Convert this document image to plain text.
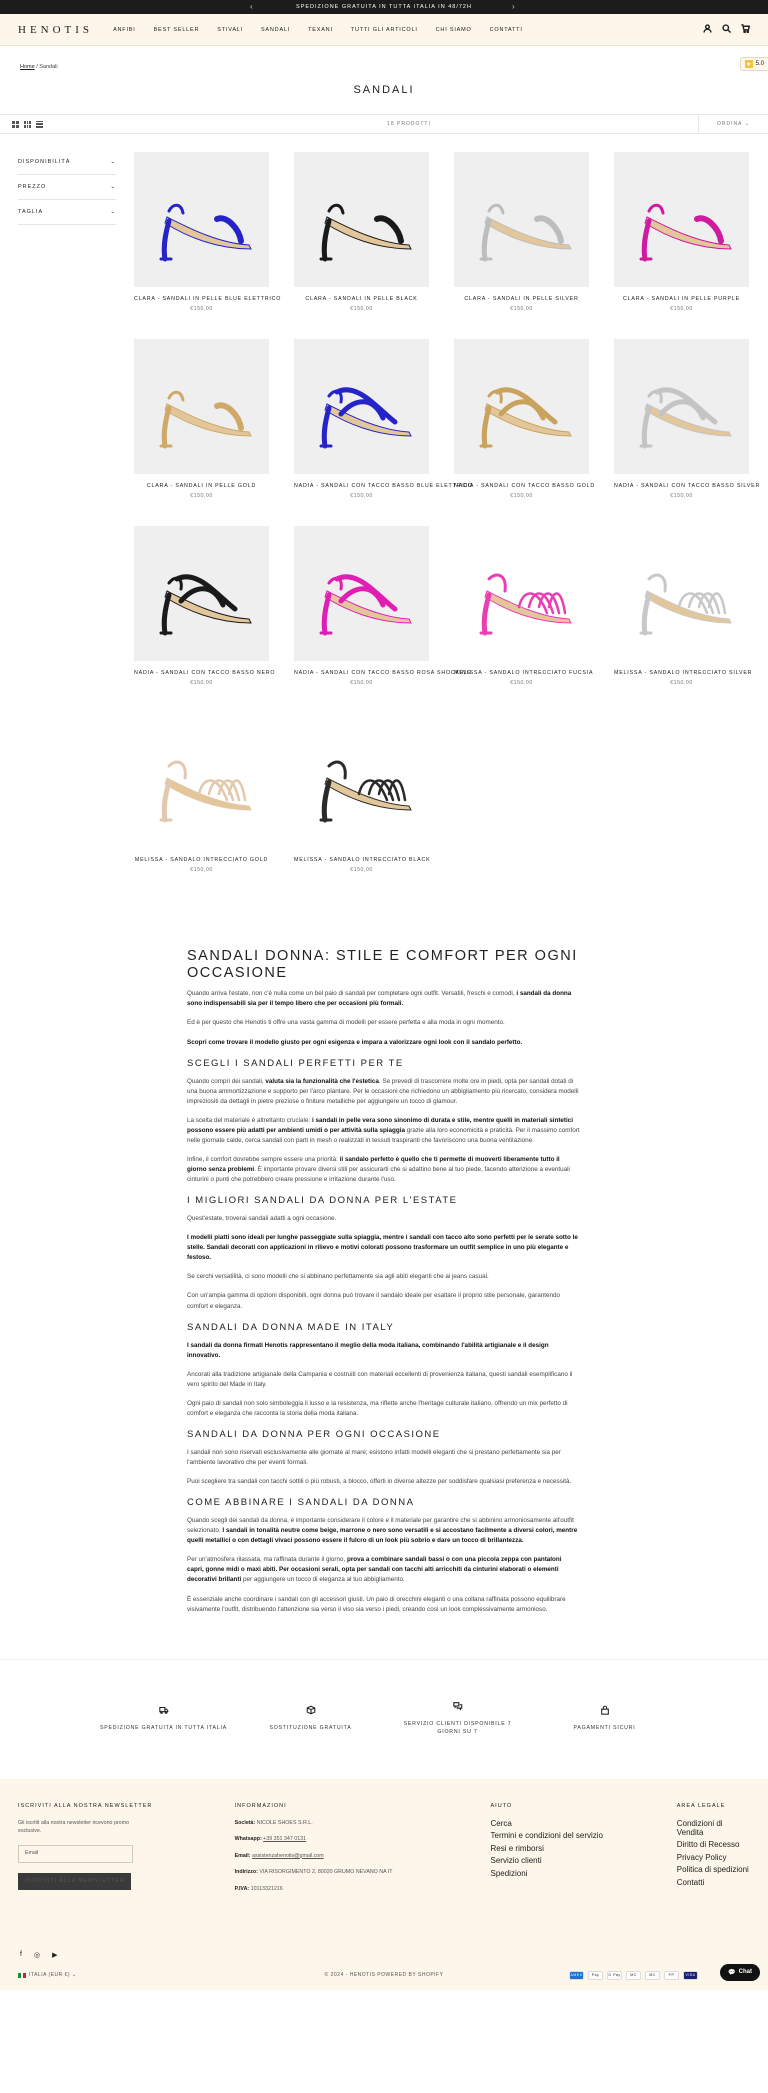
‹	SPEDIZIONE GRATUITA IN TUTTA ITALIA IN 48/72H	›
HENOTIS	ANFIBI	BEST SELLER	STIVALI	SANDALI	TEXANI	TUTTI GLI ARTICOLI	CHI SIAMO	CONTATTI
★ 5.0
Home / Sandali
SANDALI
18 PRODOTTI	ORDINA ⌄
DISPONIBILITÀ	⌄
PREZZO	⌄
TAGLIA	⌄
CLARA - SANDALI IN PELLE BLUE ELETTRICO
€150,00
CLARA - SANDALI IN PELLE BLACK
€150,00
CLARA - SANDALI IN PELLE SILVER
€150,00
CLARA - SANDALI IN PELLE PURPLE
€150,00
CLARA - SANDALI IN PELLE GOLD
€150,00
NADIA - SANDALI CON TACCO BASSO BLUE ELETTRICO
€150,00
NADIA - SANDALI CON TACCO BASSO GOLD
€150,00
NADIA - SANDALI CON TACCO BASSO SILVER
€150,00
NADIA - SANDALI CON TACCO BASSO NERO
€150,00
NADIA - SANDALI CON TACCO BASSO ROSA SHOCKING
€150,00
MELISSA - SANDALO INTRECCIATO FUCSIA
€150,00
MELISSA - SANDALO INTRECCIATO SILVER
€150,00
MELISSA - SANDALO INTRECCIATO GOLD
€150,00
MELISSA - SANDALO INTRECCIATO BLACK
€150,00
SANDALI DONNA: STILE E COMFORT PER OGNI OCCASIONE

Quando arriva l'estate, non c'è nulla come un bel paio di sandali per completare ogni outfit. Versatili, freschi e comodi, i sandali da donna sono indispensabili sia per il tempo libero che per occasioni più formali.

Ed è per questo che Henotis ti offre una vasta gamma di modelli per essere perfetta e alla moda in ogni momento.

Scopri come trovare il modello giusto per ogni esigenza e impara a valorizzare ogni look con il sandalo perfetto.

SCEGLI I SANDALI PERFETTI PER TE

Quando compri dei sandali, valuta sia la funzionalità che l'estetica. Se prevedi di trascorrere molte ore in piedi, opta per sandali dotati di una buona ammortizzazione e supporto per l'arco plantare. Per le occasioni che richiedono un abbigliamento più ricercato, considera modelli impreziositi da dettagli in pietre preziose o finiture metalliche per aggiungere un tocco di glamour.

La scelta del materiale è altrettanto cruciale: i sandali in pelle vera sono sinonimo di durata e stile, mentre quelli in materiali sintetici possono essere più adatti per ambienti umidi o per attività sulla spiaggia grazie alla loro economicità e praticità. Per il massimo comfort nelle giornate calde, cerca sandali con parti in mesh o realizzati in tessuti traspiranti che favoriscono una buona ventilazione.

Infine, il comfort dovrebbe sempre essere una priorità: il sandalo perfetto è quello che ti permette di muoverti liberamente tutto il giorno senza problemi. È importante provare diversi stili per assicurarti che si adattino bene al tuo piede, facendo attenzione a eventuali cinturini o punti che potrebbero creare pressione e irritazione durante l'uso.

I MIGLIORI SANDALI DA DONNA PER L'ESTATE

Quest'estate, troverai sandali adatti a ogni occasione.

I modelli piatti sono ideali per lunghe passeggiate sulla spiaggia, mentre i sandali con tacco alto sono perfetti per le serate sotto le stelle. Sandali decorati con applicazioni in rilievo e motivi colorati possono trasformare un outfit semplice in uno più elegante e festoso.

Se cerchi versatilità, ci sono modelli che si abbinano perfettamente sia agli abiti eleganti che ai jeans casual.

Con un'ampia gamma di opzioni disponibili, ogni donna può trovare il sandalo ideale per esaltare il proprio stile personale, garantendo comfort e eleganza.

SANDALI DA DONNA MADE IN ITALY

I sandali da donna firmati Henotis rappresentano il meglio della moda italiana, combinando l'abilità artigianale e il design innovativo.

Ancorati alla tradizione artigianale della Campania e costruiti con materiali eccellenti di provenienza italiana, questi sandali esemplificano il vero spirito del Made in Italy.

Ogni paio di sandali non solo simboleggia il lusso e la resistenza, ma riflette anche l'heritage culturale italiano, offrendo un mix perfetto di comfort e eleganza che racconta la storia della moda italiana.

SANDALI DA DONNA PER OGNI OCCASIONE

I sandali non sono riservati esclusivamente alle giornate al mare; esistono infatti modelli eleganti che si prestano perfettamente sia per l'ambiente lavorativo che per eventi formali.

Puoi scegliere tra sandali con tacchi sottili o più robusti, a blocco, offerti in diverse altezze per soddisfare qualsiasi preferenza e necessità.

COME ABBINARE I SANDALI DA DONNA

Quando scegli dei sandali da donna, è importante considerare il colore e il materiale per garantire che si abbinino armoniosamente all'outfit selezionato. I sandali in tonalità neutre come beige, marrone o nero sono versatili e si accostano facilmente a diversi colori, mentre quelli metallici o con dettagli vivaci possono essere il fulcro di un look più sobrio e dare un tocco di brillantezza.

Per un'atmosfera rilassata, ma raffinata durante il giorno, prova a combinare sandali bassi o con una piccola zeppa con pantaloni capri, gonne midi o maxi abiti. Per occasioni serali, opta per sandali con tacchi alti arricchiti da cinturini elaborati o elementi decorativi brillanti per aggiungere un tocco di eleganza al tuo abbigliamento.

È essenziale anche coordinare i sandali con gli accessori giusti. Un paio di orecchini eleganti o una collana raffinata possono equilibrare visivamente l'outfit, distribuendo l'attenzione sia verso il viso sia verso i piedi, creando così un look complessivamente armonioso.

SPEDIZIONE GRATUITA IN TUTTA ITALIA	SOSTITUZIONE GRATUITA
SERVIZIO CLIENTI DISPONIBILE 7 GIORNI SU 7
PAGAMENTI SICURI
ISCRIVITI ALLA NOSTRA NEWSLETTER

Gli iscritti alla nostra newsletter ricevono promo esclusive.

Email
ISCRIVITI ALLA NEWSLETTER
INFORMAZIONI
Società: NICOLE SHOES S.R.L.
Whatsapp: +39 351 347 0131
Email: assistenzahenotis@gmail.com
Indirizzo: VIA RISORGIMENTO 2, 80020 GRUMO NEVANO NA IT
P.IVA: 10113321216
AIUTO
Cerca
Termini e condizioni del servizio
Resi e rimborsi
Servizio clienti
Spedizioni
AREA LEGALE
Condizioni di Vendita
Diritto di Recesso
Privacy Policy
Politica di spedizioni
Contatti
f ◎ ▶
ITALIA (EUR €) ⌄	© 2024 - HENOTIS POWERED BY SHOPIFY	AMEX	Pay	G Pay	MC	MC	PP	VISA	💬 Chat
